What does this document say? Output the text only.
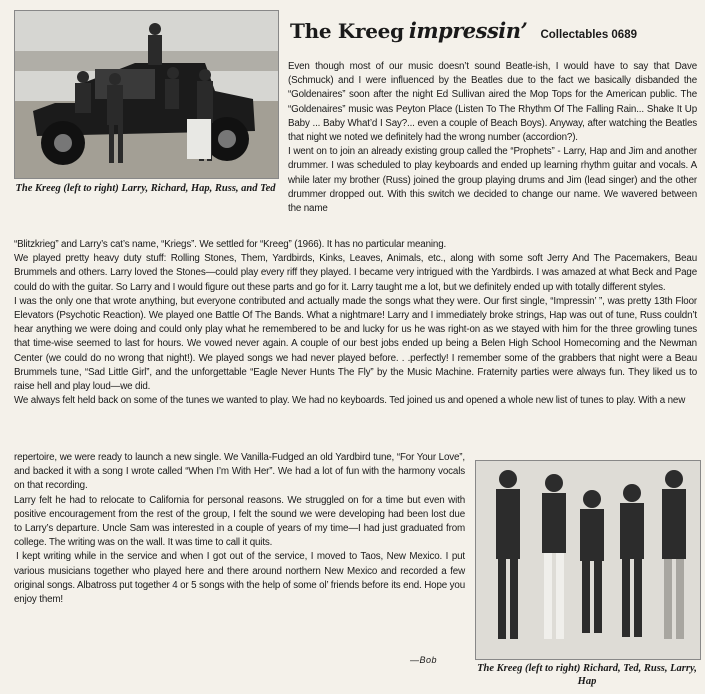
The Kreeg (left to right) Larry, Richard, Hap, Russ, and Ted
The Kreeg impressin’ Collectables 0689

Even though most of our music doesn’t sound Beatle-ish, I would have to say that Dave (Schmuck) and I were influenced by the Beatles due to the fact we basically disbanded the “Goldenaires” soon after the night Ed Sullivan aired the Mop Tops for the American public. The “Goldenaires” music was Peyton Place (Listen To The Rhythm Of The Falling Rain... Shake It Up Baby ... Baby What’d I Say?... even a couple of Beach Boys). Anyway, after watching the Beatles that night we noted we definitely had the wrong number (accordion?).

I went on to join an already existing group called the “Prophets” - Larry, Hap and Jim and another drummer. I was scheduled to play keyboards and ended up learning rhythm guitar and vocals. A while later my brother (Russ) joined the group playing drums and Jim (lead singer) and the other drummer dropped out. With this switch we decided to change our name. We wavered between the name

“Blitzkrieg” and Larry’s cat’s name, “Kriegs”. We settled for “Kreeg” (1966). It has no particular meaning.

We played pretty heavy duty stuff: Rolling Stones, Them, Yardbirds, Kinks, Leaves, Animals, etc., along with some soft Jerry And The Pacemakers, Beau Brummels and others. Larry loved the Stones—could play every riff they played. I became very intrigued with the Yardbirds. I was amazed at what Beck and Page could do with the guitar. So Larry and I would figure out these parts and go for it. Larry taught me a lot, but we definitely ended up with totally different styles.

I was the only one that wrote anything, but everyone contributed and actually made the songs what they were. Our first single, “Impressin’ ”, was pretty 13th Floor Elevators (Psychotic Reaction). We played one Battle Of The Bands. What a nightmare! Larry and I immediately broke strings, Hap was out of tune, Russ couldn’t hear anything we were doing and could only play what he remembered to be and lucky for us he was right-on as we stayed with him for the three growling tunes that time-wise seemed to last for hours. We vowed never again. A couple of our best jobs ended up being a Belen High School Homecoming and the Newman Center (we could do no wrong that night!). We played songs we had never played before. . .perfectly! I remember some of the grabbers that night were a Beau Brummels tune, “Sad Little Girl”, and the unforgettable “Eagle Never Hunts The Fly” by the Music Machine. Fraternity parties were always fun. They liked us to raise hell and play loud—we did.

We always felt held back on some of the tunes we wanted to play. We had no keyboards. Ted joined us and opened a whole new list of tunes to play. With a new

repertoire, we were ready to launch a new single. We Vanilla-Fudged an old Yardbird tune, “For Your Love”, and backed it with a song I wrote called “When I’m With Her”. We had a lot of fun with the harmony vocals on that recording.

Larry felt he had to relocate to California for personal reasons. We struggled on for a time but even with positive encouragement from the rest of the group, I felt the sound we were developing had been lost due to Larry’s departure. Uncle Sam was interested in a couple of years of my time—I had just graduated from college. The writing was on the wall. It was time to call it quits.

I kept writing while in the service and when I got out of the service, I moved to Taos, New Mexico. I put various musicians together who played here and there around northern New Mexico and recorded a few original songs. Albatross put together 4 or 5 songs with the help of some ol’ friends before its end. Hope you enjoy them!

—Bob
The Kreeg (left to right) Richard, Ted, Russ, Larry, Hap
